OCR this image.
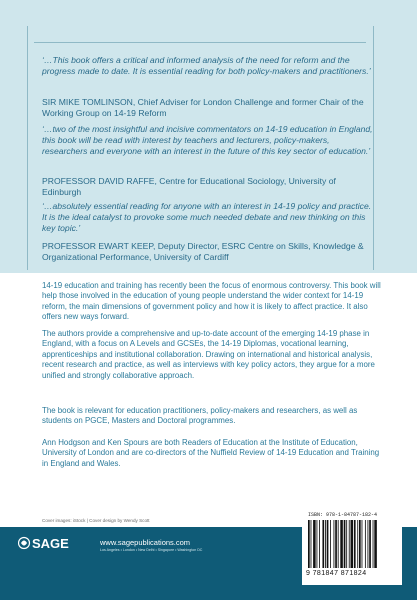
‘…This book offers a critical and informed analysis of the need for reform and the progress made to date. It is essential reading for both policy-makers and practitioners.’

SIR MIKE TOMLINSON, Chief Adviser for London Challenge and former Chair of the Working Group on 14-19 Reform

‘…two of the most insightful and incisive commentators on 14-19 education in England, this book will be read with interest by teachers and lecturers, policy-makers, researchers and everyone with an interest in the future of this key sector of education.’

PROFESSOR DAVID RAFFE, Centre for Educational Sociology, University of Edinburgh

‘…absolutely essential reading for anyone with an interest in 14-19 policy and practice. It is the ideal catalyst to provoke some much needed debate and new thinking on this key topic.’

PROFESSOR EWART KEEP, Deputy Director, ESRC Centre on Skills, Knowledge & Organizational Performance, University of Cardiff

14-19 education and training has recently been the focus of enormous controversy. This book will help those involved in the education of young people understand the wider context for 14-19 reform, the main dimensions of government policy and how it is likely to affect practice. It also offers new ways forward.

The authors provide a comprehensive and up-to-date account of the emerging 14-19 phase in England, with a focus on A Levels and GCSEs, the 14-19 Diplomas, vocational learning, apprenticeships and institutional collaboration. Drawing on international and historical analysis, recent research and practice, as well as interviews with key policy actors, they argue for a more unified and strongly collaborative approach.

The book is relevant for education practitioners, policy-makers and researchers, as well as students on PGCE, Masters and Doctoral programmes.

Ann Hodgson and Ken Spours are both Readers of Education at the Institute of Education, University of London and are co-directors of the Nuffield Review of 14-19 Education and Training in England and Wales.

Cover images: iStock | Cover design by Wendy Scott

SAGE	www.sagepublications.com

Los Angeles • London • New Delhi • Singapore • Washington DC

ISBN: 978-1-84787-182-4

9 781847 871824
